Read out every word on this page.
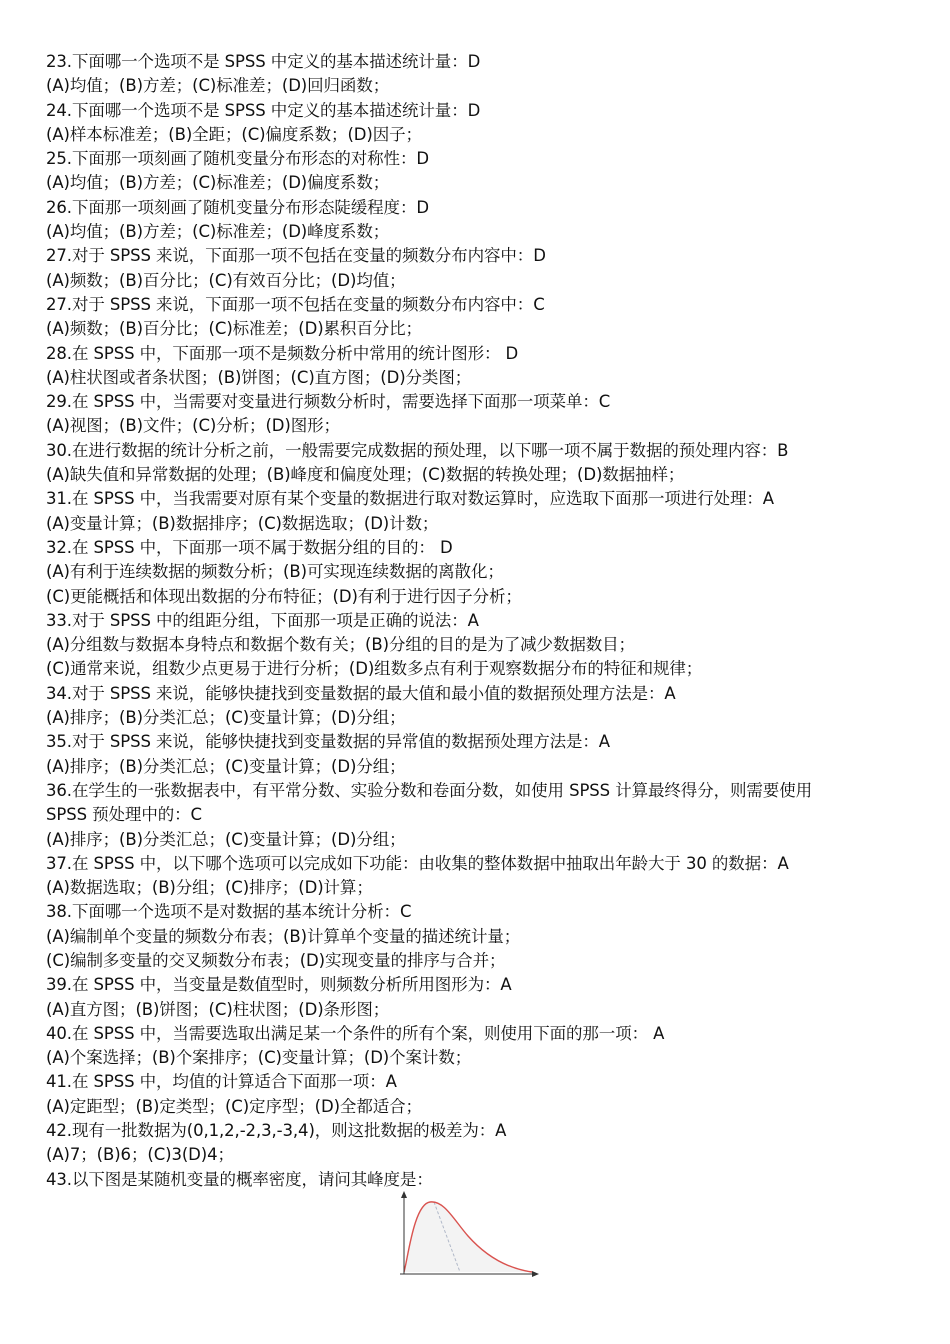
23.下面哪一个选项不是 SPSS 中定义的基本描述统计量：D
(A)均值；(B)方差；(C)标准差；(D)回归函数；
24.下面哪一个选项不是 SPSS 中定义的基本描述统计量：D
(A)样本标准差；(B)全距；(C)偏度系数；(D)因子；
25.下面那一项刻画了随机变量分布形态的对称性：D
(A)均值；(B)方差；(C)标准差；(D)偏度系数；
26.下面那一项刻画了随机变量分布形态陡缓程度：D
(A)均值；(B)方差；(C)标准差；(D)峰度系数；
27.对于 SPSS 来说，下面那一项不包括在变量的频数分布内容中：D
(A)频数；(B)百分比；(C)有效百分比；(D)均值；
27.对于 SPSS 来说，下面那一项不包括在变量的频数分布内容中：C
(A)频数；(B)百分比；(C)标准差；(D)累积百分比；
28.在 SPSS 中，下面那一项不是频数分析中常用的统计图形： D
(A)柱状图或者条状图；(B)饼图；(C)直方图；(D)分类图；
29.在 SPSS 中，当需要对变量进行频数分析时，需要选择下面那一项菜单：C
(A)视图；(B)文件；(C)分析；(D)图形；
30.在进行数据的统计分析之前，一般需要完成数据的预处理，以下哪一项不属于数据的预处理内容：B
(A)缺失值和异常数据的处理；(B)峰度和偏度处理；(C)数据的转换处理；(D)数据抽样；
31.在 SPSS 中，当我需要对原有某个变量的数据进行取对数运算时，应选取下面那一项进行处理：A
(A)变量计算；(B)数据排序；(C)数据选取；(D)计数；
32.在 SPSS 中，下面那一项不属于数据分组的目的： D
(A)有利于连续数据的频数分析；(B)可实现连续数据的离散化；
(C)更能概括和体现出数据的分布特征；(D)有利于进行因子分析；
33.对于 SPSS 中的组距分组，下面那一项是正确的说法：A
(A)分组数与数据本身特点和数据个数有关；(B)分组的目的是为了减少数据数目；
(C)通常来说，组数少点更易于进行分析；(D)组数多点有利于观察数据分布的特征和规律；
34.对于 SPSS 来说，能够快捷找到变量数据的最大值和最小值的数据预处理方法是：A
(A)排序；(B)分类汇总；(C)变量计算；(D)分组；
35.对于 SPSS 来说，能够快捷找到变量数据的异常值的数据预处理方法是：A
(A)排序；(B)分类汇总；(C)变量计算；(D)分组；
36.在学生的一张数据表中，有平常分数、实验分数和卷面分数，如使用 SPSS 计算最终得分，则需要使用
SPSS 预处理中的：C
(A)排序；(B)分类汇总；(C)变量计算；(D)分组；
37.在 SPSS 中，以下哪个选项可以完成如下功能：由收集的整体数据中抽取出年龄大于 30 的数据：A
(A)数据选取；(B)分组；(C)排序；(D)计算；
38.下面哪一个选项不是对数据的基本统计分析：C
(A)编制单个变量的频数分布表；(B)计算单个变量的描述统计量；
(C)编制多变量的交叉频数分布表；(D)实现变量的排序与合并；
39.在 SPSS 中，当变量是数值型时，则频数分析所用图形为：A
(A)直方图；(B)饼图；(C)柱状图；(D)条形图；
40.在 SPSS 中，当需要选取出满足某一个条件的所有个案，则使用下面的那一项： A
(A)个案选择；(B)个案排序；(C)变量计算；(D)个案计数；
41.在 SPSS 中，均值的计算适合下面那一项：A
(A)定距型；(B)定类型；(C)定序型；(D)全都适合；
42.现有一批数据为(0,1,2,-2,3,-3,4)，则这批数据的极差为：A
(A)7；(B)6；(C)3(D)4；
43.以下图是某随机变量的概率密度，请问其峰度是：
